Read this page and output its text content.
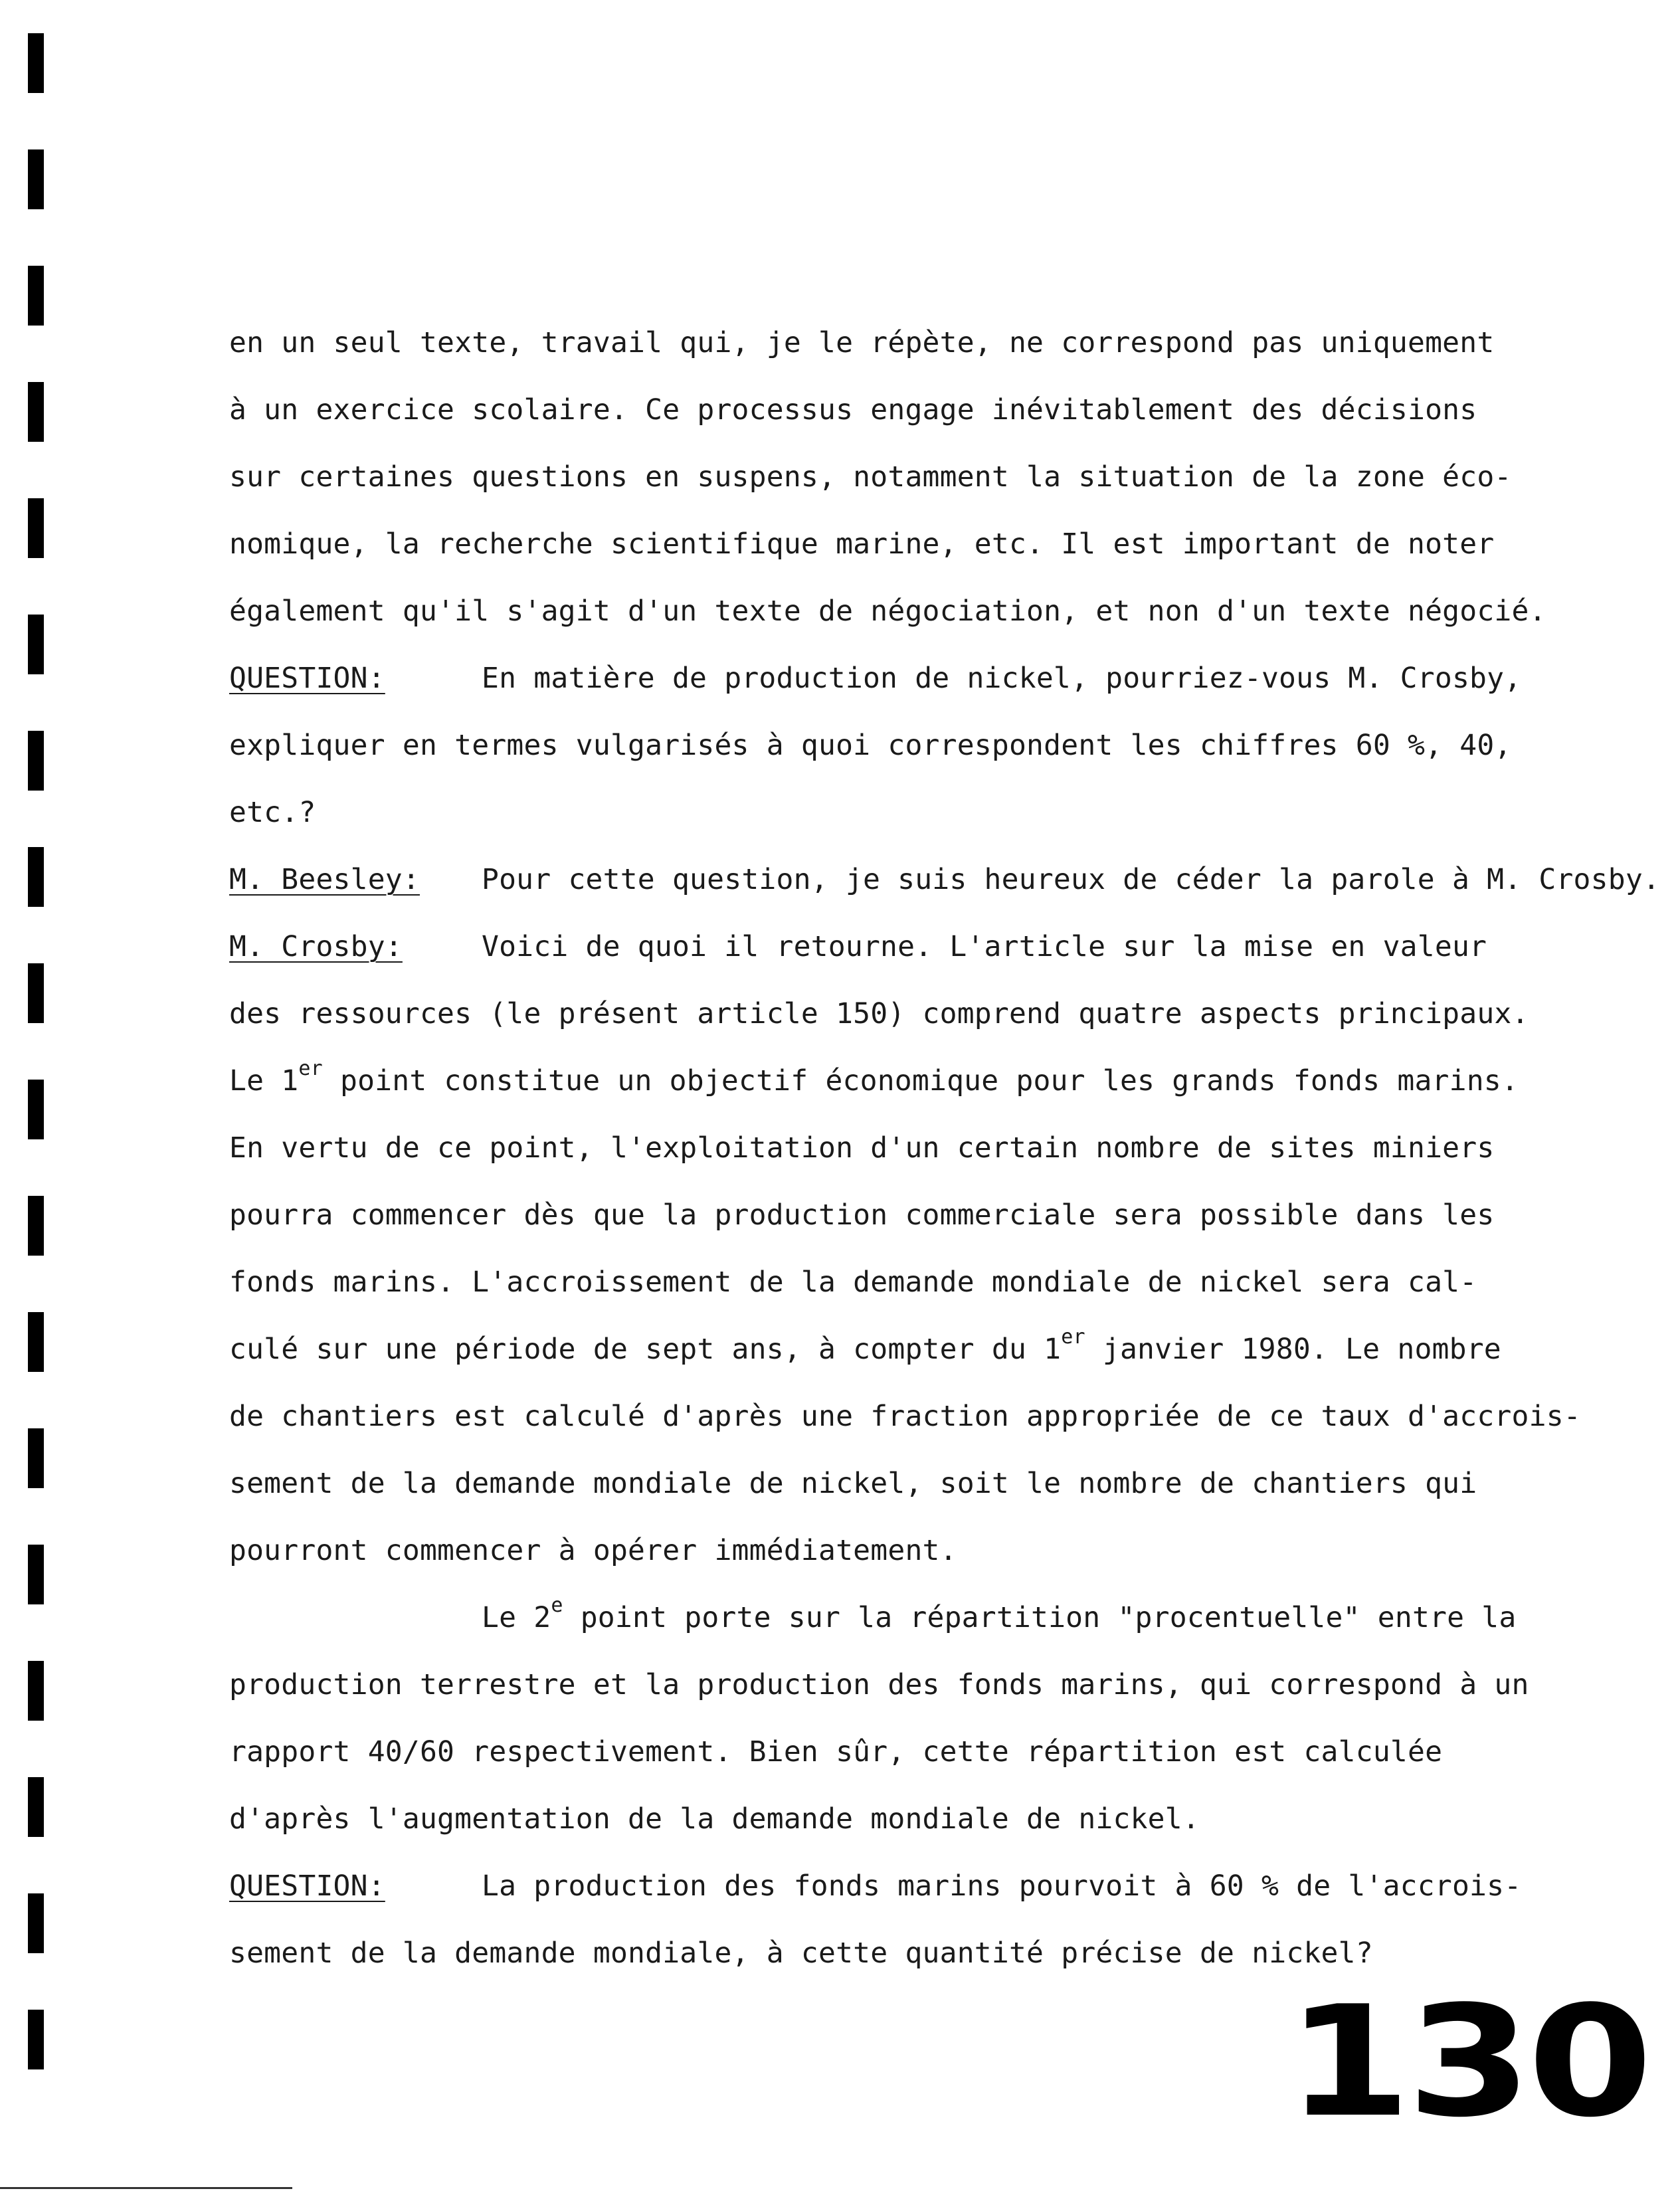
en un seul texte, travail qui, je le répète, ne correspond pas uniquement
à un exercice scolaire. Ce processus engage inévitablement des décisions
sur certaines questions en suspens, notamment la situation de la zone éco-
nomique, la recherche scientifique marine, etc. Il est important de noter
également qu'il s'agit d'un texte de négociation, et non d'un texte négocié.
QUESTION:	En matière de production de nickel, pourriez-vous M. Crosby,
expliquer en termes vulgarisés à quoi correspondent les chiffres 60 %, 40,
etc.?
M. Beesley: Pour cette question, je suis heureux de céder la parole à M. Crosby.
M. Crosby:	Voici de quoi il retourne. L'article sur la mise en valeur
des ressources (le présent article 150) comprend quatre aspects principaux.
Le 1er point constitue un objectif économique pour les grands fonds marins.
En vertu de ce point, l'exploitation d'un certain nombre de sites miniers
pourra commencer dès que la production commerciale sera possible dans les
fonds marins. L'accroissement de la demande mondiale de nickel sera cal-
culé sur une période de sept ans, à compter du 1er janvier 1980. Le nombre
de chantiers est calculé d'après une fraction appropriée de ce taux d'accrois-
sement de la demande mondiale de nickel, soit le nombre de chantiers qui
pourront commencer à opérer immédiatement.
Le 2e point porte sur la répartition "procentuelle" entre la
production terrestre et la production des fonds marins, qui correspond à un
rapport 40/60 respectivement. Bien sûr, cette répartition est calculée
d'après l'augmentation de la demande mondiale de nickel.
QUESTION:	La production des fonds marins pourvoit à 60 % de l'accrois-
sement de la demande mondiale, à cette quantité précise de nickel?
130
